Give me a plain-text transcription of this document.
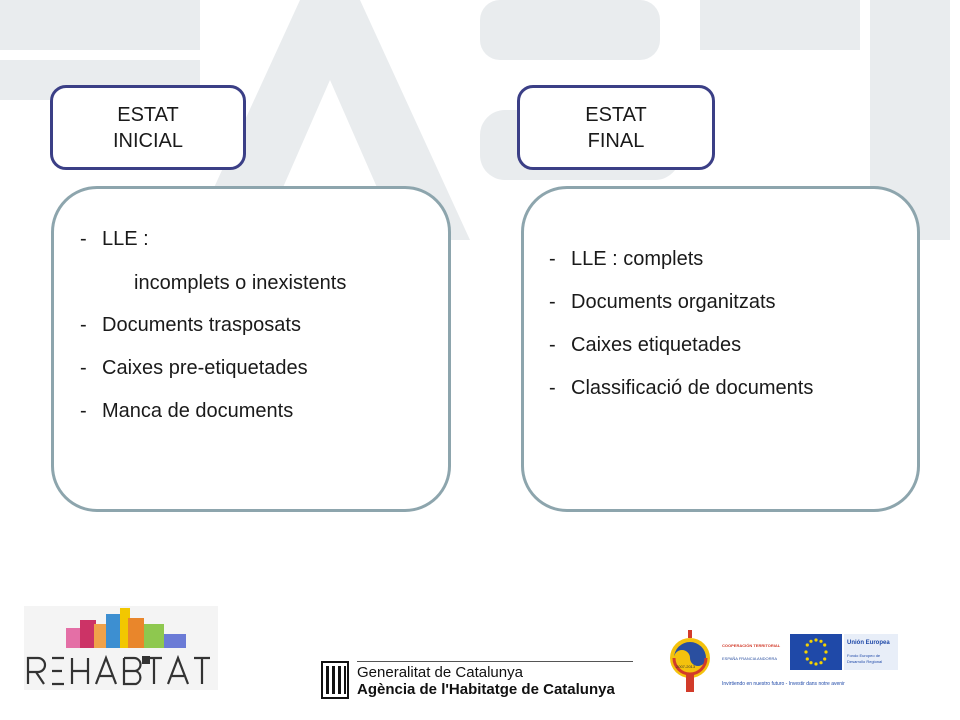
ESTAT
INICIAL
ESTAT
FINAL
- LLE :
incomplets o inexistents
- Documents trasposats
- Caixes pre-etiquetades
- Manca de documents
- LLE : complets
- Documents organitzats
- Caixes etiquetades
- Classificació de documents
Generalitat de Catalunya
Agència de l'Habitatge de Catalunya
COOPERACIÓN TERRITORIAL
ESPAÑA FRANCIA ANDORRA
2007-2013
Unión Europea
Fondo Europeo de
Desarrollo Regional
Invirtiendo en nuestro futuro - Investir dans notre avenir
